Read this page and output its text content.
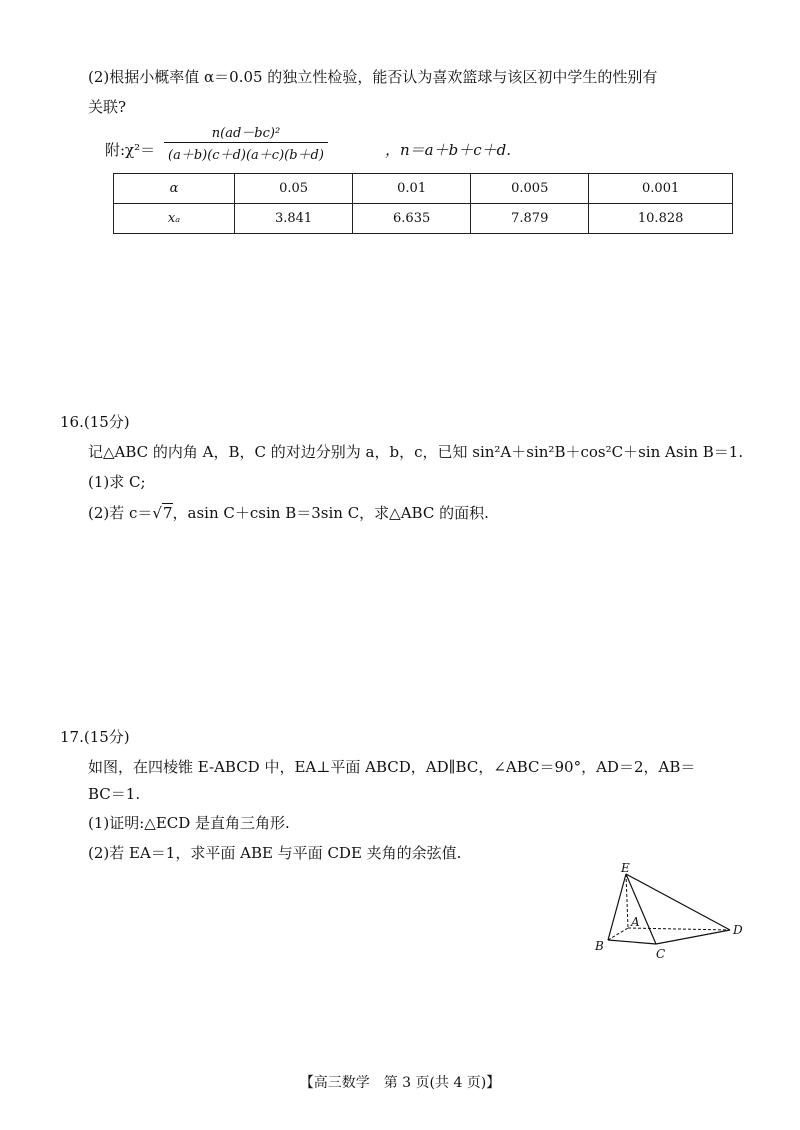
(2)根据小概率值 α＝0.05 的独立性检验，能否认为喜欢篮球与该区初中学生的性别有
关联?
附:χ²＝
n(ad－bc)²
(a＋b)(c＋d)(a＋c)(b＋d)	，n＝a＋b＋c＋d.
α	0.05	0.01	0.005	0.001
xₐ	3.841	6.635	7.879	10.828
16.(15分)
记△ABC 的内角 A，B，C 的对边分别为 a，b，c，已知 sin²A＋sin²B＋cos²C＋sin Asin B＝1.
(1)求 C;
(2)若 c＝√7，asin C＋csin B＝3sin C，求△ABC 的面积.
17.(15分)
如图，在四棱锥 E-ABCD 中，EA⊥平面 ABCD，AD∥BC，∠ABC＝90°，AD＝2，AB＝
BC＝1.
(1)证明:△ECD 是直角三角形.
(2)若 EA＝1，求平面 ABE 与平面 CDE 夹角的余弦值.
E
A
B
C
D
【高三数学　第 3 页(共 4 页)】
